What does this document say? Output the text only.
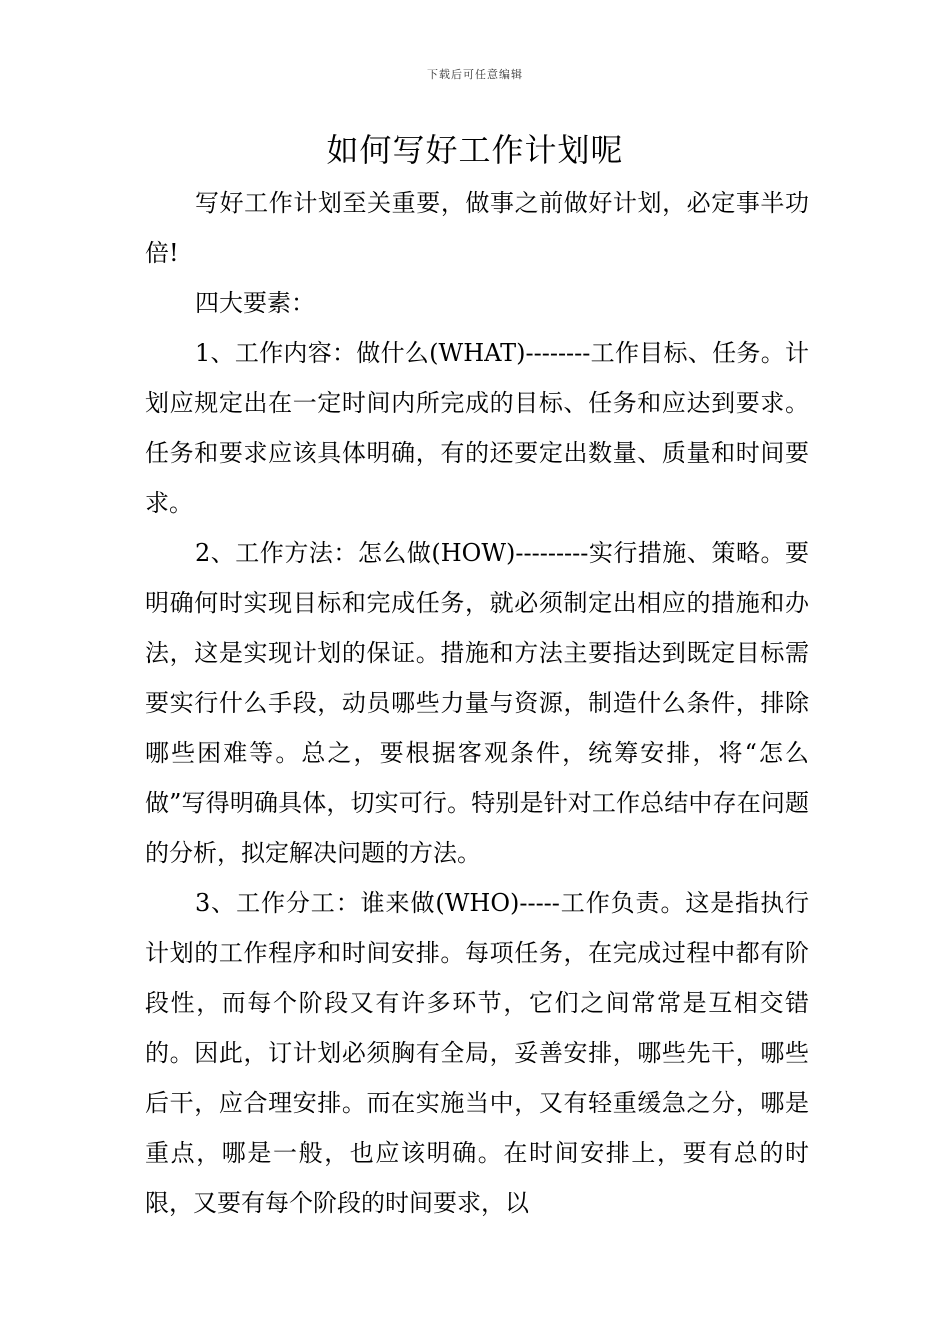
下载后可任意编辑
如何写好工作计划呢

写好工作计划至关重要，做事之前做好计划，必定事半功倍!

四大要素：

1、工作内容：做什么(WHAT)--------工作目标、任务。计划应规定出在一定时间内所完成的目标、任务和应达到要求。任务和要求应该具体明确，有的还要定出数量、质量和时间要求。

2、工作方法：怎么做(HOW)---------实行措施、策略。要明确何时实现目标和完成任务，就必须制定出相应的措施和办法，这是实现计划的保证。措施和方法主要指达到既定目标需要实行什么手段，动员哪些力量与资源，制造什么条件，排除哪些困难等。总之，要根据客观条件，统筹安排，将“怎么做”写得明确具体，切实可行。特别是针对工作总结中存在问题的分析，拟定解决问题的方法。

3、工作分工：谁来做(WHO)-----工作负责。这是指执行计划的工作程序和时间安排。每项任务，在完成过程中都有阶段性，而每个阶段又有许多环节，它们之间常常是互相交错的。因此，订计划必须胸有全局，妥善安排，哪些先干，哪些后干，应合理安排。而在实施当中，又有轻重缓急之分，哪是重点，哪是一般，也应该明确。在时间安排上，要有总的时限，又要有每个阶段的时间要求，以
